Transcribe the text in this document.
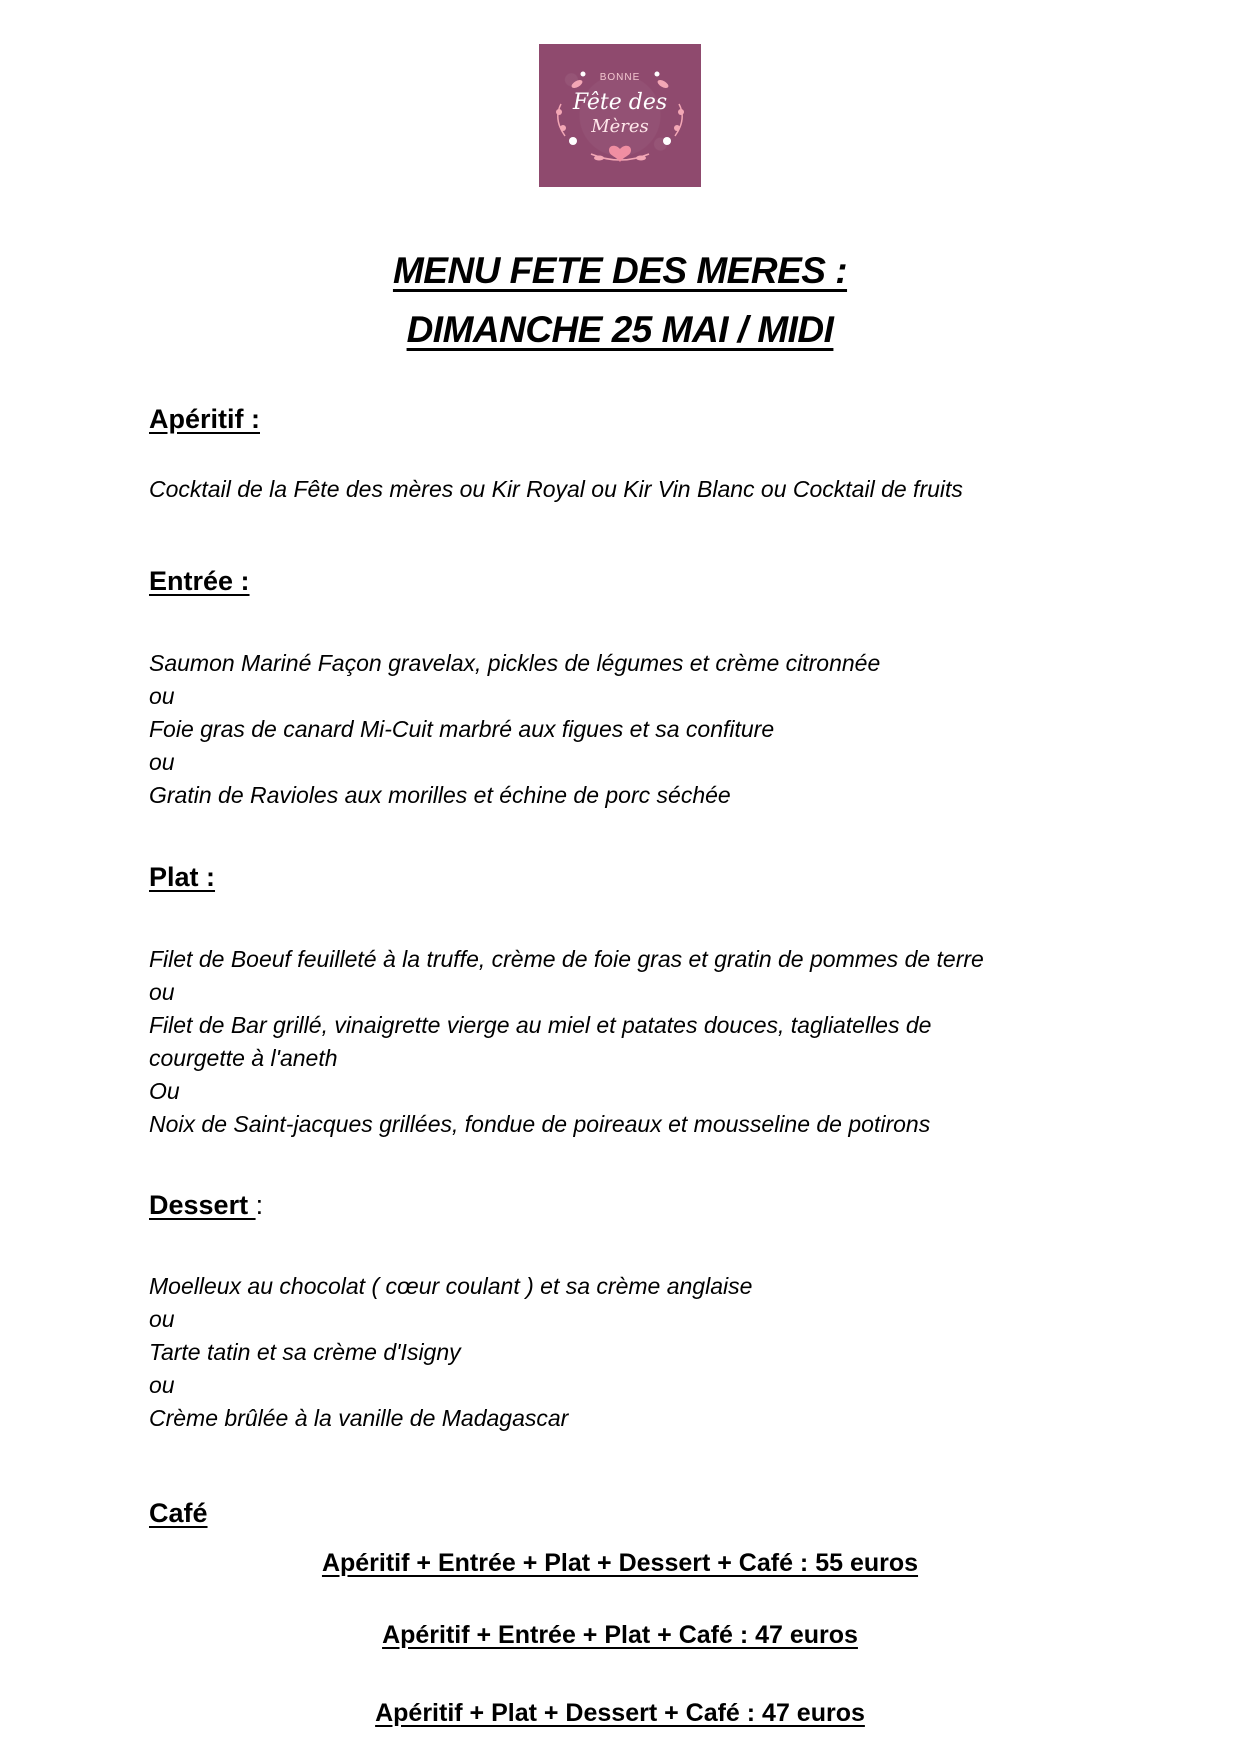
BONNE
Fête des
Mères
MENU FETE DES MERES :
DIMANCHE 25 MAI / MIDI
Apéritif :

Cocktail de la Fête des mères ou Kir Royal ou Kir Vin Blanc ou Cocktail de fruits

Entrée :

Saumon Mariné Façon gravelax, pickles de légumes et crème citronnée

ou

Foie gras de canard Mi-Cuit marbré aux figues et sa confiture

ou

Gratin de Ravioles aux morilles et échine de porc séchée

Plat :

Filet de Boeuf feuilleté à la truffe, crème de foie gras et gratin de pommes de terre

ou

Filet de Bar grillé, vinaigrette vierge au miel et patates douces, tagliatelles de

courgette à l'aneth

Ou

Noix de Saint-jacques grillées, fondue de poireaux et mousseline de potirons

Dessert :

Moelleux au chocolat ( cœur coulant ) et sa crème anglaise

ou

Tarte tatin et sa crème d'Isigny

ou

Crème brûlée à la vanille de Madagascar

Café

Apéritif + Entrée + Plat + Dessert + Café : 55 euros

Apéritif + Entrée + Plat + Café : 47 euros

Apéritif + Plat + Dessert + Café : 47 euros
